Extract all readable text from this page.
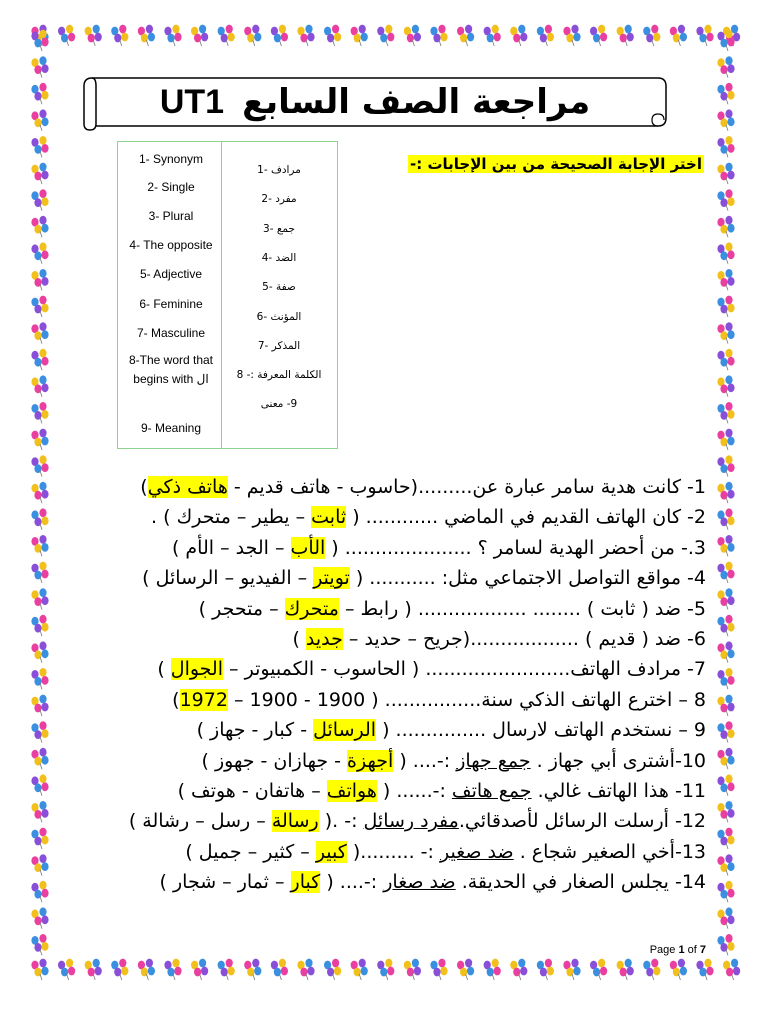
مراجعة الصف السابع
UT1
1- Synonym
2- Single
3- Plural
4- The opposite
5- Adjective
6- Feminine
7- Masculine
8-The word that begins with ال
9- Meaning
مرادف -1
مفرد -2
جمع -3
الضد -4
صفة -5
المؤنث -6
المذكر -7
الكلمة المعرفة :- 8
9- معنى
اختر الإجابة الصحيحة من بين الإجابات :-
1- كانت هدية سامر عبارة عن.........(حاسوب - هاتف قديم - هاتف ذكي)
2- كان الهاتف القديم في الماضي ............ ( ثابت – يطير – متحرك ) .
3.- من أحضر الهدية لسامر ؟ ..................... ( الأب – الجد – الأم )
4- مواقع التواصل الاجتماعي مثل: ........... ( تويتر – الفيديو – الرسائل )
5- ضد ( ثابت ) ........ .................. ( رابط – متحرك – متحجر )
6- ضد ( قديم ) ..................(جريح – حديد – جديد )
7- مرادف الهاتف........................ ( الحاسوب - الكمبيوتر – الجوال )
8 – اخترع الهاتف الذكي سنة................ ( 1900 - 1900 – 1972)
9 – نستخدم الهاتف لارسال ............... ( الرسائل - كبار - جهاز )
10-أشترى أبي جهاز . جمع جهاز :-.... ( أجهزة - جهازان - جهوز )
11- هذا الهاتف غالي. جمع هاتف :-...... ( هواتف – هاتفان - هوتف )
12- أرسلت الرسائل لأصدقائي.مفرد رسائل :- .( رسالة – رسل – رشالة )
13-أخي الصغير شجاع . ضد صغير :- .........( كبير – كثير – جميل )
14- يجلس الصغار في الحديقة. ضد صغار :-.... ( كبار – ثمار – شجار )
Page 1 of 7
